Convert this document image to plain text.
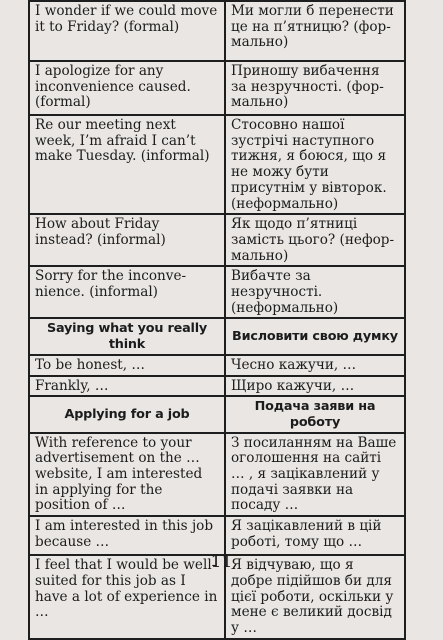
I wonder if we could move it to Friday? (formal)	Ми могли б перенести це на п’ятницю? (формально)
I apologize for any inconvenience caused. (formal)	Приношу вибачення за незручності. (формально)
Re our meeting next week, I’m afraid I can’t make Tuesday. (informal)	Стосовно нашої зустрічі наступного тижня, я боюся, що я не можу бути присутнім у вівторок. (неформально)
How about Friday instead? (informal)	Як щодо п’ятниці замість цього? (неформально)
Sorry for the inconvenience. (informal)	Вибачте за незручності. (неформально)
Saying what you really think	Висловити свою думку
To be honest, …	Чесно кажучи, …
Frankly, …	Щиро кажучи, …
Applying for a job	Подача заяви на роботу
With reference to your advertisement on the … website, I am interested in applying for the position of …	З посиланням на Ваше оголошення на сайті … , я зацікавлений у подачі заявки на посаду …
I am interested in this job because …	Я зацікавлений в цій роботі, тому що …
I feel that I would be well-suited for this job as I have a lot of experience in …	Я відчуваю, що я добре підійшов би для цієї роботи, оскільки у мене є великий досвід у …
11
